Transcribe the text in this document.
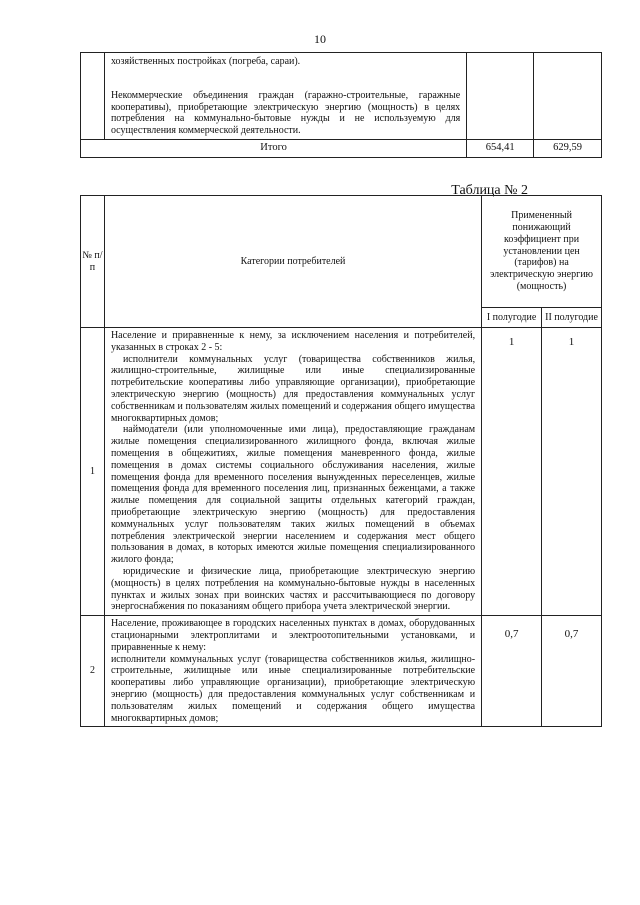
10

	хозяйственных постройках (погреба, сараи).
Некоммерческие объединения граждан (гаражно-строительные, гаражные кооперативы), приобретающие электрическую энергию (мощность) в целях потребления на коммунально-бытовые нужды и не используемую для осуществления коммерческой деятельности.		

Итого		654,41	629,59
Таблица № 2
№ п/п	Категории потребителей	Примененный понижающий коэффициент при установлении цен (тарифов) на электрическую энергию (мощность)	
		I полугодие	II полугодие
1	Население и приравненные к нему, за исключением населения и потребителей, указанных в строках 2 - 5:

исполнители коммунальных услуг (товарищества собственников жилья, жилищно-строительные, жилищные или иные специализированные потребительские кооперативы либо управляющие организации), приобретающие электрическую энергию (мощность) для предоставления коммунальных услуг собственникам и пользователям жилых помещений и содержания общего имущества многоквартирных домов;

наймодатели (или уполномоченные ими лица), предоставляющие гражданам жилые помещения специализированного жилищного фонда, включая жилые помещения в общежитиях, жилые помещения маневренного фонда, жилые помещения в домах системы социального обслуживания населения, жилые помещения фонда для временного поселения вынужденных переселенцев, жилые помещения фонда для временного поселения лиц, признанных беженцами, а также жилые помещения для социальной защиты отдельных категорий граждан, приобретающие электрическую энергию (мощность) для предоставления коммунальных услуг пользователям таких жилых помещений в объемах потребления электрической энергии населением и содержания мест общего пользования в домах, в которых имеются жилые помещения специализированного жилого фонда;

юридические и физические лица, приобретающие электрическую энергию (мощность) в целях потребления на коммунально-бытовые нужды в населенных пунктах и жилых зонах при воинских частях и рассчитывающиеся по договору энергоснабжения по показаниям общего прибора учета электрической энергии.	1	1
2	Население, проживающее в городских населенных пунктах в домах, оборудованных стационарными электроплитами и электроотопительными установками, и приравненные к нему:

исполнители коммунальных услуг (товарищества собственников жилья, жилищно-строительные, жилищные или иные специализированные потребительские кооперативы либо управляющие организации), приобретающие электрическую энергию (мощность) для предоставления коммунальных услуг собственникам и пользователям жилых помещений и содержания общего имущества многоквартирных домов;	0,7	0,7
